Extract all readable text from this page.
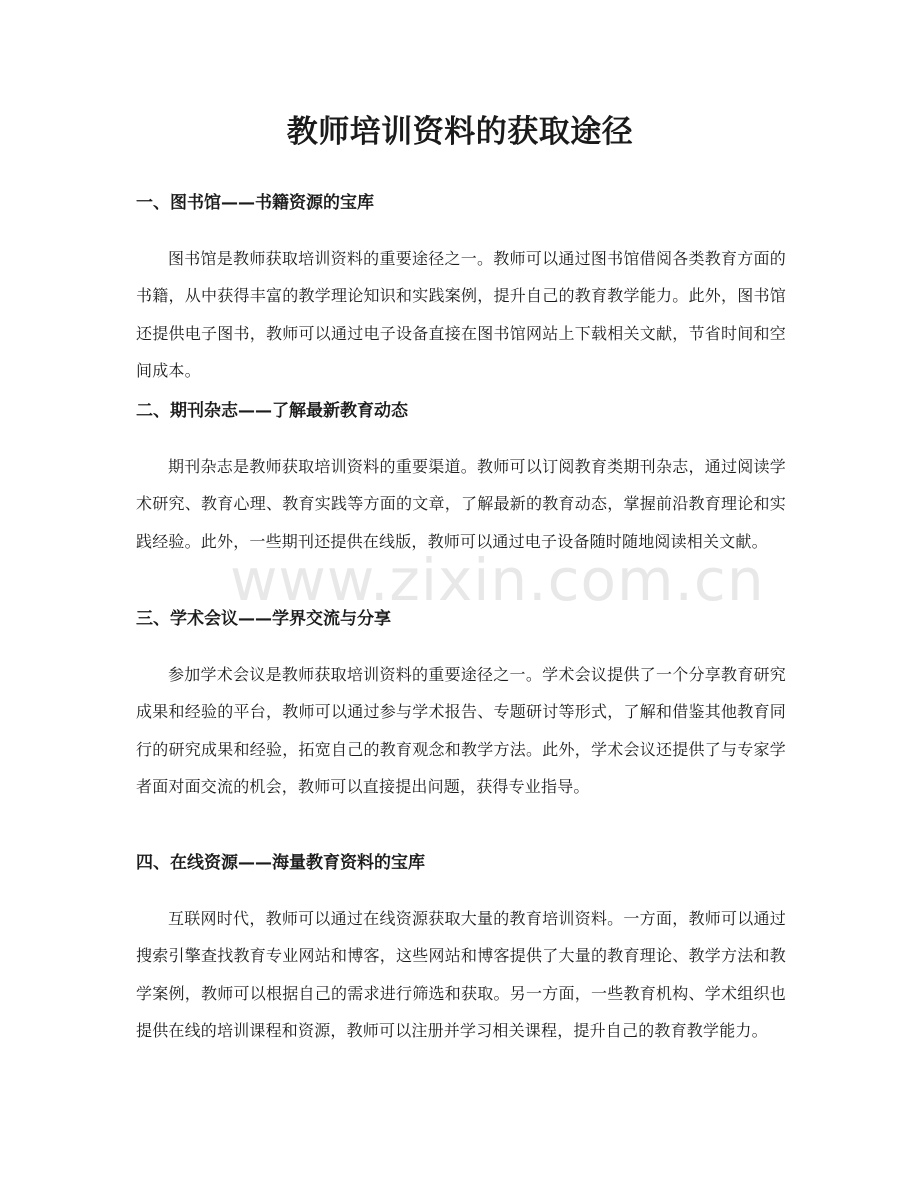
教师培训资料的获取途径
一、图书馆——书籍资源的宝库

图书馆是教师获取培训资料的重要途径之一。教师可以通过图书馆借阅各类教育方面的书籍，从中获得丰富的教学理论知识和实践案例，提升自己的教育教学能力。此外，图书馆还提供电子图书，教师可以通过电子设备直接在图书馆网站上下载相关文献，节省时间和空间成本。

二、期刊杂志——了解最新教育动态

期刊杂志是教师获取培训资料的重要渠道。教师可以订阅教育类期刊杂志，通过阅读学术研究、教育心理、教育实践等方面的文章，了解最新的教育动态，掌握前沿教育理论和实践经验。此外，一些期刊还提供在线版，教师可以通过电子设备随时随地阅读相关文献。

三、学术会议——学界交流与分享

参加学术会议是教师获取培训资料的重要途径之一。学术会议提供了一个分享教育研究成果和经验的平台，教师可以通过参与学术报告、专题研讨等形式，了解和借鉴其他教育同行的研究成果和经验，拓宽自己的教育观念和教学方法。此外，学术会议还提供了与专家学者面对面交流的机会，教师可以直接提出问题，获得专业指导。

四、在线资源——海量教育资料的宝库

互联网时代，教师可以通过在线资源获取大量的教育培训资料。一方面，教师可以通过搜索引擎查找教育专业网站和博客，这些网站和博客提供了大量的教育理论、教学方法和教学案例，教师可以根据自己的需求进行筛选和获取。另一方面，一些教育机构、学术组织也提供在线的培训课程和资源，教师可以注册并学习相关课程，提升自己的教育教学能力。

www.zixin.com.cn
